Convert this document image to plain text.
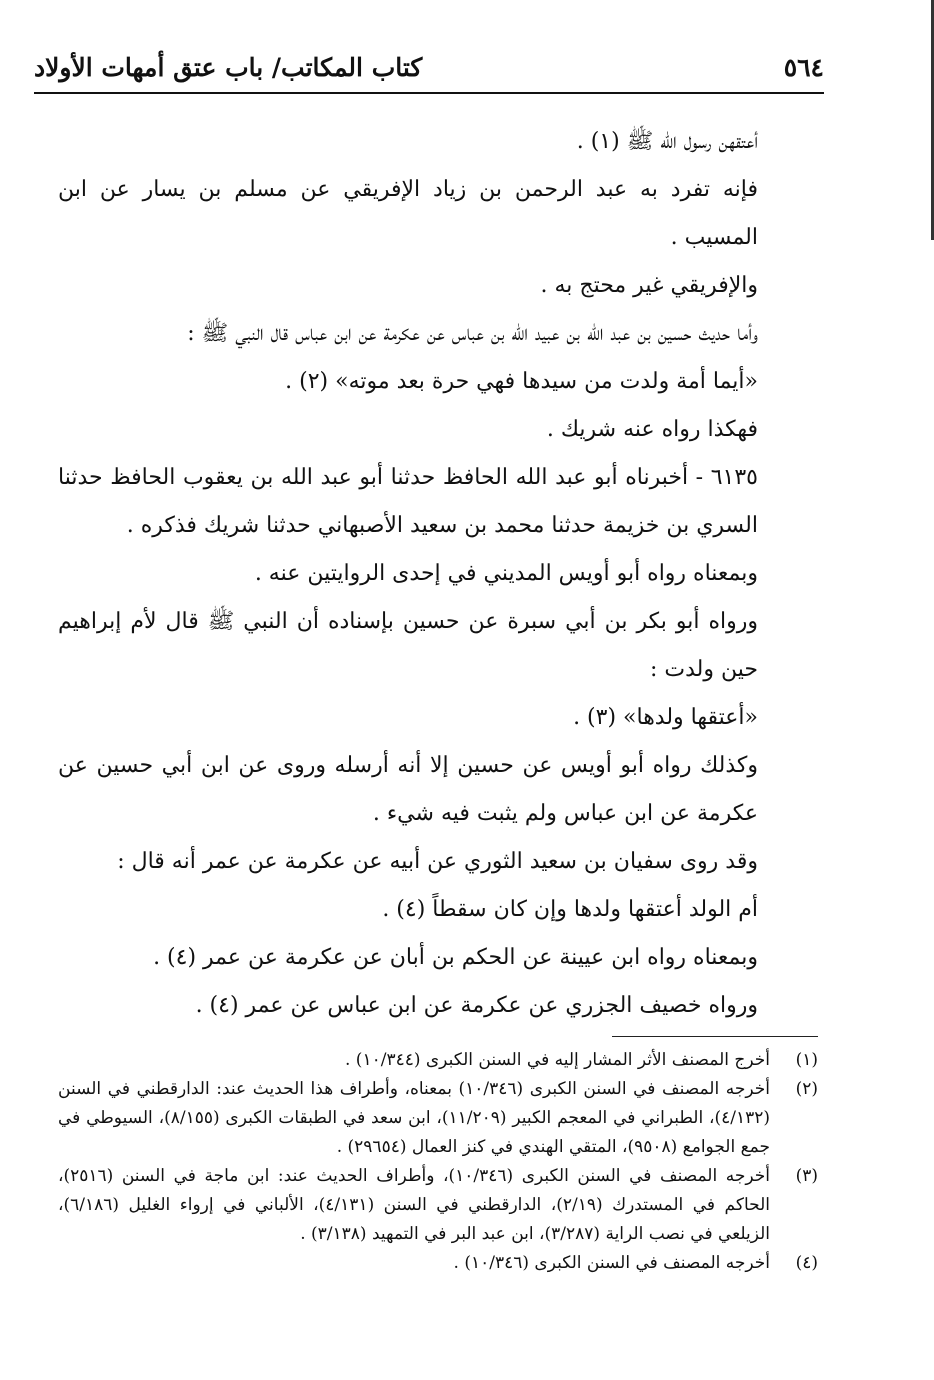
٥٦٤
كتاب المكاتب/ باب عتق أمهات الأولاد

أعتقهن رسول الله ﷺ (١) .

فإنه تفرد به عبد الرحمن بن زياد الإفريقي عن مسلم بن يسار عن ابن المسيب .

والإفريقي غير محتج به .

وأما حديث حسين بن عبد الله بن عبيد الله بن عباس عن عكرمة عن ابن عباس قال النبي ﷺ :

«أيما أمة ولدت من سيدها فهي حرة بعد موته» (٢) .

فهكذا رواه عنه شريك .

٦١٣٥ - أخبرناه أبو عبد الله الحافظ حدثنا أبو عبد الله بن يعقوب الحافظ حدثنا السري بن خزيمة حدثنا محمد بن سعيد الأصبهاني حدثنا شريك فذكره .

وبمعناه رواه أبو أويس المديني في إحدى الروايتين عنه .

ورواه أبو بكر بن أبي سبرة عن حسين بإسناده أن النبي ﷺ قال لأم إبراهيم حين ولدت :

«أعتقها ولدها» (٣) .

وكذلك رواه أبو أويس عن حسين إلا أنه أرسله وروى عن ابن أبي حسين عن عكرمة عن ابن عباس ولم يثبت فيه شيء .

وقد روى سفيان بن سعيد الثوري عن أبيه عن عكرمة عن عمر أنه قال :

أم الولد أعتقها ولدها وإن كان سقطاً (٤) .

وبمعناه رواه ابن عيينة عن الحكم بن أبان عن عكرمة عن عمر (٤) .

ورواه خصيف الجزري عن عكرمة عن ابن عباس عن عمر (٤) .

(١)
أخرج المصنف الأثر المشار إليه في السنن الكبرى (١٠/٣٤٤) .
(٢)
أخرجه المصنف في السنن الكبرى (١٠/٣٤٦) بمعناه، وأطراف هذا الحديث عند: الدارقطني في السنن (٤/١٣٢)، الطبراني في المعجم الكبير (١١/٢٠٩)، ابن سعد في الطبقات الكبرى (٨/١٥٥)، السيوطي في جمع الجوامع (٩٥٠٨)، المتقي الهندي في كنز العمال (٢٩٦٥٤) .
(٣)
أخرجه المصنف في السنن الكبرى (١٠/٣٤٦)، وأطراف الحديث عند: ابن ماجة في السنن (٢٥١٦)، الحاكم في المستدرك (٢/١٩)، الدارقطني في السنن (٤/١٣١)، الألباني في إرواء الغليل (٦/١٨٦)، الزيلعي في نصب الراية (٣/٢٨٧)، ابن عبد البر في التمهيد (٣/١٣٨) .
(٤)
أخرجه المصنف في السنن الكبرى (١٠/٣٤٦) .
